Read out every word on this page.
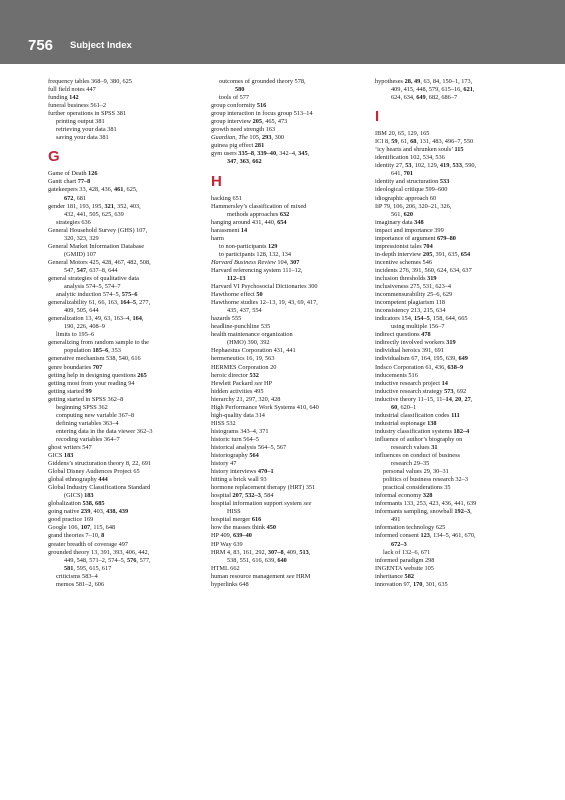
756 Subject Index
frequency tables 368–9, 380, 625
full field notes 447
funding 142
funeral business 561–2
further operations in SPSS 381
printing output 381
retrieving your data 381
saving your data 381
G
Game of Death 126
Gantt chart 77–8
gatekeepers 33, 428, 436, 461, 625,
672, 681
gender 181, 193, 195, 321, 352, 403,
432, 441, 505, 625, 639
strategies 636
General Household Survey (GHS) 107,
320, 323, 329
General Market Information Database
(GMID) 107
General Motors 425, 428, 467, 482, 508,
547, 547, 637–8, 644
general strategies of qualitative data
analysis 574–5, 574–7
analytic induction 574–5, 575–6
generalizability 61, 66, 163, 164–5, 277,
409, 505, 644
generalization 13, 49, 63, 163–4, 164,
190, 226, 408–9
limits to 195–6
generalizing from random sample to the
population 185–6, 353
generative mechanism 538, 540, 616
genre boundaries 707
getting help in designing questions 265
getting most from your reading 94
getting started 99
getting started in SPSS 362–8
beginning SPSS 362
computing new variable 367–8
defining variables 363–4
entering data in the data viewer 362–3
recoding variables 364–7
ghost writers 547
GICS 183
Giddens’s structuration theory 8, 22, 691
Global Disney Audiences Project 65
global ethnography 444
Global Industry Classifications Standard
(GICS) 183
globalization 538, 685
going native 239, 403, 438, 439
good practice 169
Google 106, 107, 115, 648
grand theories 7–10, 8
greater breadth of coverage 497
grounded theory 13, 391, 393, 406, 442,
449, 548, 571–2, 574–5, 576, 577,
581, 595, 615, 617
criticisms 583–4
memos 581–2, 606
outcomes of grounded theory 578,
580
tools of 577
group conformity 516
group interaction in focus group 513–14
group interview 205, 465, 473
growth need strength 163
Guardian, The 105, 293, 300
guinea pig effect 281
gym users 335–8, 339–40, 342–4, 345,
347, 363, 662
H
hacking 651
Hammersley’s classification of mixed
methods approaches 632
hanging around 431, 440, 654
harassment 14
harm
to non-participants 129
to participants 128, 132, 134
Harvard Business Review 104, 307
Harvard referencing system 111–12,
112–13
Harvard VI Psychosocial Dictionaries 300
Hawthorne effect 50
Hawthorne studies 12–13, 19, 43, 69, 417,
435, 437, 554
hazards 555
headline-punchline 535
health maintenance organization
(HMO) 390, 392
Hephaestus Corporation 431, 441
hermeneutics 16, 19, 563
HERMES Corporation 20
heroic director 532
Hewlett Packard see HP
hidden activities 495
hierarchy 21, 297, 320, 428
High Performance Work Systems 410, 640
high-quality data 314
HISS 532
histograms 343–4, 371
historic turn 564–5
historical analysis 564–5, 567
historiography 564
history 47
history interviews 470–1
hitting a brick wall 93
hormone replacement therapy (HRT) 351
hospital 207, 532–3, 584
hospital information support system see
HISS
hospital merger 616
how the masses think 450
HP 409, 639–40
HP Way 639
HRM 4, 83, 161, 292, 307–8, 409, 513,
538, 551, 616, 639, 640
HTML 662
human resource management see HRM
hyperlinks 648
hypotheses 28, 49, 63, 84, 150–1, 173,
409, 415, 448, 579, 615–16, 621,
624, 634, 649, 682, 686–7
I
IBM 20, 65, 129, 165
ICI 8, 59, 61, 68, 131, 483, 496–7, 550
‘icy hearts and shrunken souls’ 115
identification 102, 534, 536
identity 27, 53, 102, 129, 419, 533, 590,
641, 701
identity and structuration 533
ideological critique 599–600
idiographic approach 60
IiP 79, 106, 206, 320–21, 326,
561, 620
imaginary data 348
impact and importance 399
importance of argument 679–80
impressionist tales 704
in-depth interview 205, 391, 635, 654
incentive schemes 546
incidents 276, 391, 560, 624, 634, 637
inclusion thresholds 319
inclusiveness 275, 531, 623–4
incommensurability 25–6, 629
incompetent plagiarism 118
inconsistency 213, 215, 634
indicators 154, 154–5, 158, 644, 665
using multiple 156–7
indirect questions 478
indirectly involved workers 319
individual heroics 391, 691
individualism 67, 164, 195, 639, 649
Indsco Corporation 61, 436, 638–9
inducements 516
inductive research project 14
inductive research strategy 573, 692
inductive theory 11–15, 11–14, 20, 27,
60, 620–1
industrial classification codes 111
industrial espionage 138
industry classification systems 182–4
influence of author’s biography on
research values 31
influences on conduct of business
research 29–35
personal values 29, 30–31
politics of business research 32–3
practical considerations 35
informal economy 328
informants 133, 253, 423, 436, 441, 639
informants sampling, snowball 192–3,
491
information technology 625
informed consent 123, 134–5, 461, 670,
672–3
lack of 132–6, 671
informed paradigm 298
INGENTA website 105
inheritance 582
innovation 97, 170, 301, 635
